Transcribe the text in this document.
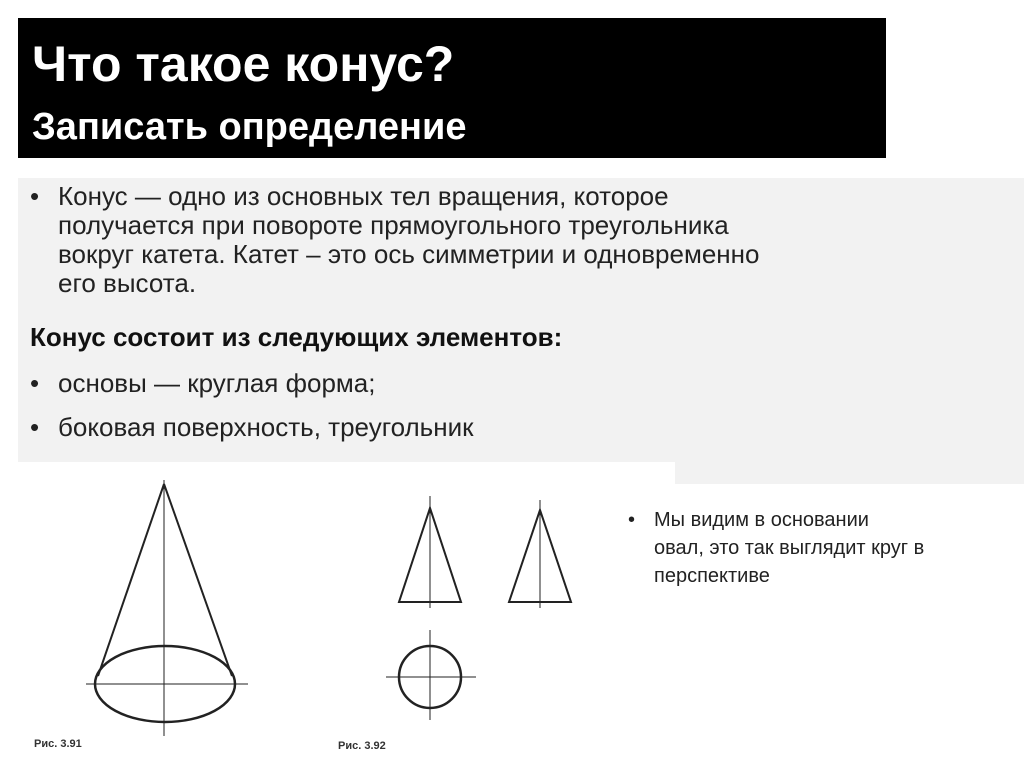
Что такое конус?
Записать определение
• Конус — одно из основных тел вращения, которое
получается при повороте прямоугольного треугольника
вокруг катета. Катет – это ось симметрии и одновременно
его высота.
Конус состоит из следующих элементов:
• основы — круглая форма;
• боковая поверхность, треугольник
Рис. 3.91	Рис. 3.92
• Мы видим в основании
овал, это так выглядит круг в
перспективе
